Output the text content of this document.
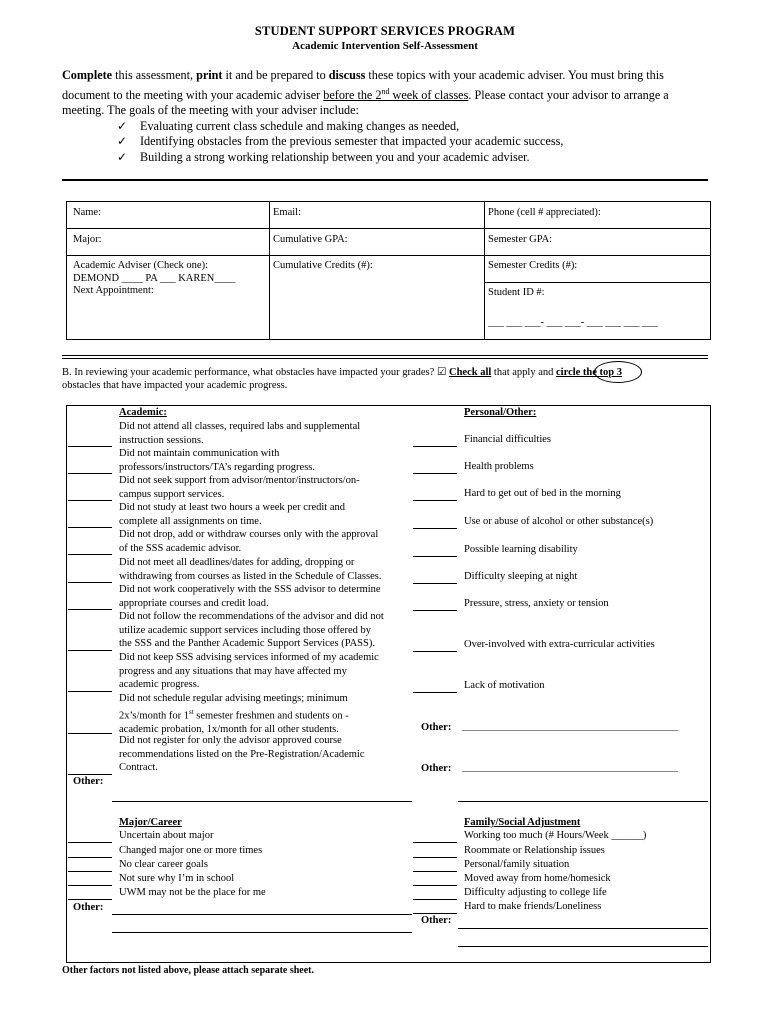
STUDENT SUPPORT SERVICES PROGRAM
Academic Intervention Self-Assessment
Complete this assessment, print it and be prepared to discuss these topics with your academic adviser. You must bring this document to the meeting with your academic adviser before the 2nd week of classes. Please contact your advisor to arrange a meeting. The goals of the meeting with your adviser include:
✓	Evaluating current class schedule and making changes as needed,
✓	Identifying obstacles from the previous semester that impacted your academic success,
✓	Building a strong working relationship between you and your academic adviser.
Name:	Email:	Phone (cell # appreciated):
Major:	Cumulative GPA:	Semester GPA:
Academic Adviser (Check one):
DEMOND ____ PA ___ KAREN____
Next Appointment:
Cumulative Credits (#):	Semester Credits (#):
Student ID #:
___ ___ ___- ___ ___- ___ ___ ___ ___
B. In reviewing your academic performance, what obstacles have impacted your grades? ☑ Check all that apply and circle the top 3
obstacles that have impacted your academic progress.
Academic:
Did not attend all classes, required labs and supplemental
instruction sessions.
Did not maintain communication with
professors/instructors/TA’s regarding progress.
Did not seek support from advisor/mentor/instructors/on-
campus support services.
Did not study at least two hours a week per credit and
complete all assignments on time.
Did not drop, add or withdraw courses only with the approval
of the SSS academic advisor.
Did not meet all deadlines/dates for adding, dropping or
withdrawing from courses as listed in the Schedule of Classes.
Did not work cooperatively with the SSS advisor to determine
appropriate courses and credit load.
Did not follow the recommendations of the advisor and did not
utilize academic support services including those offered by
the SSS and the Panther Academic Support Services (PASS).
Did not keep SSS advising services informed of my academic
progress and any situations that may have affected my
academic progress.
Did not schedule regular advising meetings; minimum
2x’s/month for 1st semester freshmen and students on -
academic probation, 1x/month for all other students.
Did not register for only the advisor approved course
recommendations listed on the Pre-Registration/Academic
Contract.
Other:
Personal/Other:
Financial difficulties
Health problems
Hard to get out of bed in the morning
Use or abuse of alcohol or other substance(s)
Possible learning disability
Difficulty sleeping at night
Pressure, stress, anxiety or tension
Over-involved with extra-curricular activities
Lack of motivation
Other: ________________________________________________
Other: ________________________________________________
Major/Career
Uncertain about major
Changed major one or more times
No clear career goals
Not sure why I’m in school
UWM may not be the place for me
Other:
Family/Social Adjustment
Working too much (# Hours/Week ______)
Roommate or Relationship issues
Personal/family situation
Moved away from home/homesick
Difficulty adjusting to college life
Hard to make friends/Loneliness
Other:
Other factors not listed above, please attach separate sheet.
